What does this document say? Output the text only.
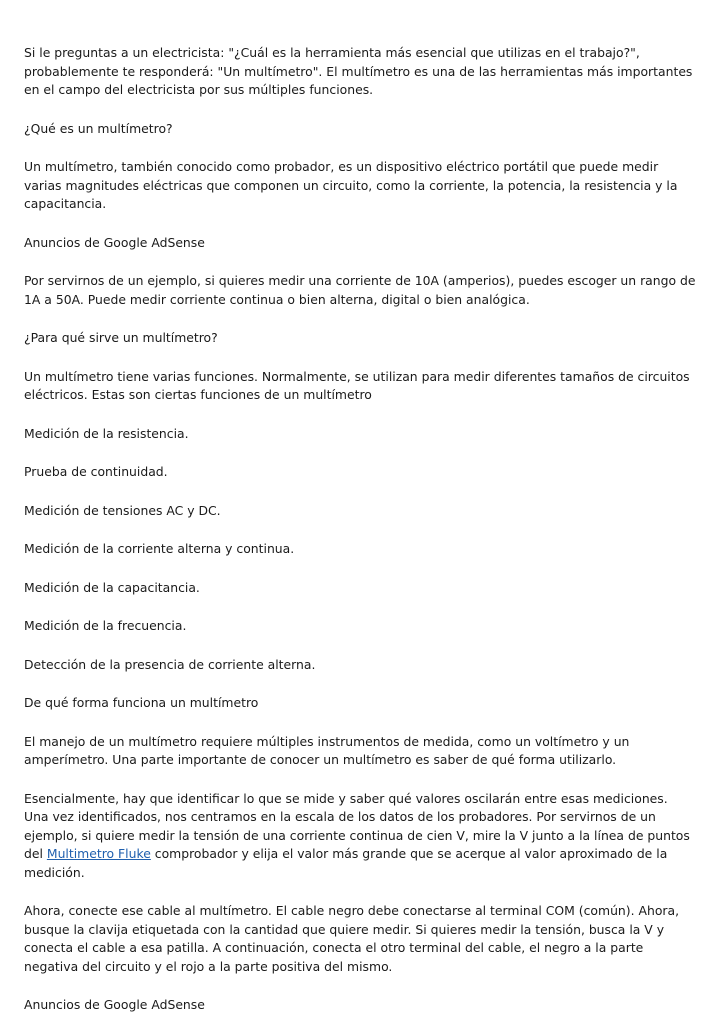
Si le preguntas a un electricista: "¿Cuál es la herramienta más esencial que utilizas en el trabajo?", probablemente te responderá: "Un multímetro". El multímetro es una de las herramientas más importantes en el campo del electricista por sus múltiples funciones.

¿Qué es un multímetro?

Un multímetro, también conocido como probador, es un dispositivo eléctrico portátil que puede medir varias magnitudes eléctricas que componen un circuito, como la corriente, la potencia, la resistencia y la capacitancia.

Anuncios de Google AdSense

Por servirnos de un ejemplo, si quieres medir una corriente de 10A (amperios), puedes escoger un rango de 1A a 50A. Puede medir corriente continua o bien alterna, digital o bien analógica.

¿Para qué sirve un multímetro?

Un multímetro tiene varias funciones. Normalmente, se utilizan para medir diferentes tamaños de circuitos eléctricos. Estas son ciertas funciones de un multímetro

Medición de la resistencia.

Prueba de continuidad.

Medición de tensiones AC y DC.

Medición de la corriente alterna y continua.

Medición de la capacitancia.

Medición de la frecuencia.

Detección de la presencia de corriente alterna.

De qué forma funciona un multímetro

El manejo de un multímetro requiere múltiples instrumentos de medida, como un voltímetro y un amperímetro. Una parte importante de conocer un multímetro es saber de qué forma utilizarlo.

Esencialmente, hay que identificar lo que se mide y saber qué valores oscilarán entre esas mediciones. Una vez identificados, nos centramos en la escala de los datos de los probadores. Por servirnos de un ejemplo, si quiere medir la tensión de una corriente continua de cien V, mire la V junto a la línea de puntos del Multimetro Fluke comprobador y elija el valor más grande que se acerque al valor aproximado de la medición.

Ahora, conecte ese cable al multímetro. El cable negro debe conectarse al terminal COM (común). Ahora, busque la clavija etiquetada con la cantidad que quiere medir. Si quieres medir la tensión, busca la V y conecta el cable a esa patilla. A continuación, conecta el otro terminal del cable, el negro a la parte negativa del circuito y el rojo a la parte positiva del mismo.

Anuncios de Google AdSense
